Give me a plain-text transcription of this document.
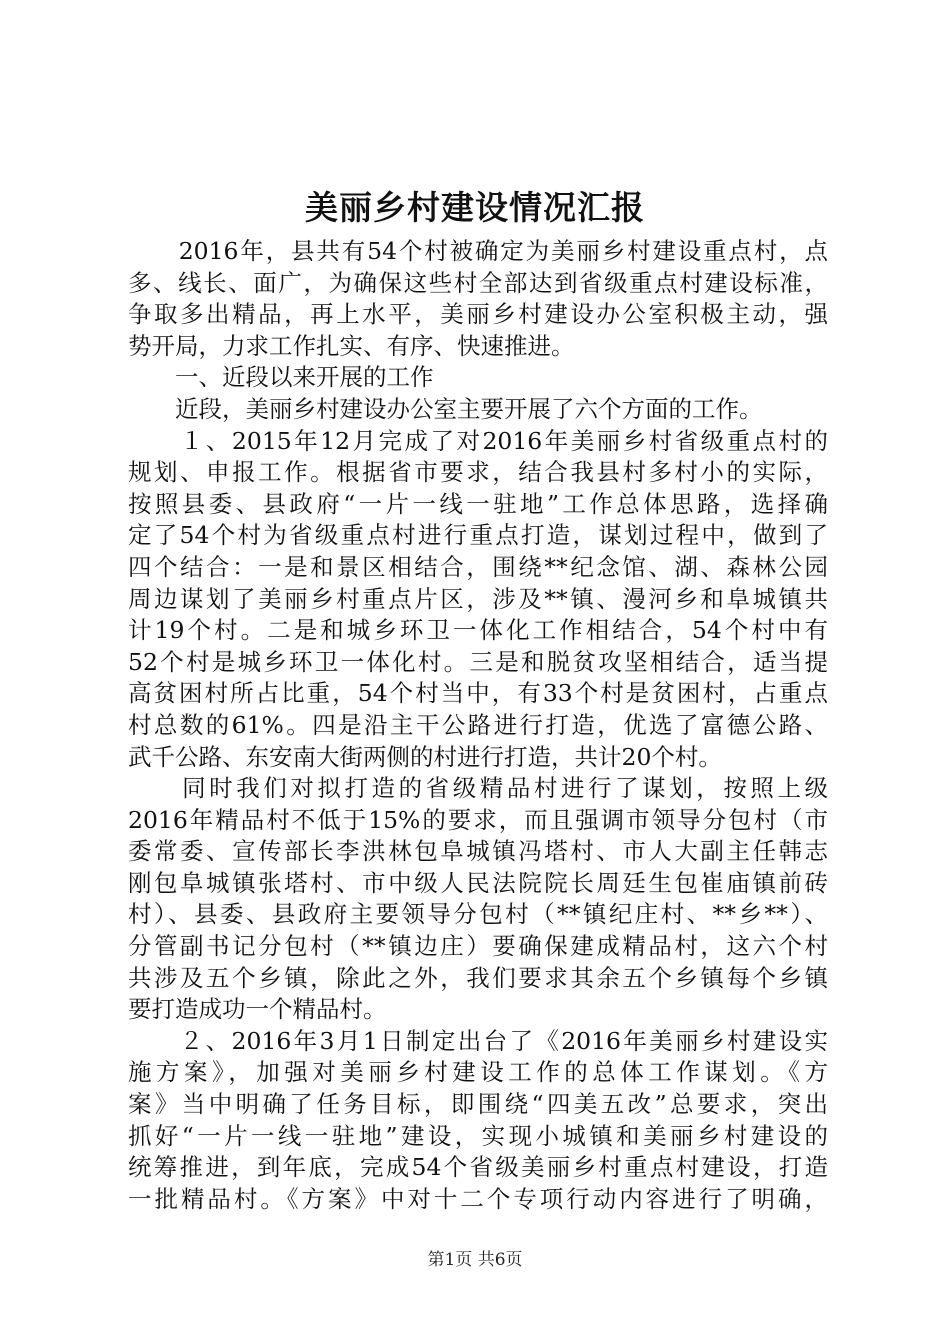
美丽乡村建设情况汇报
　　2016年，县共有54个村被确定为美丽乡村建设重点村，点
多、线长、面广，为确保这些村全部达到省级重点村建设标准，
争取多出精品，再上水平，美丽乡村建设办公室积极主动，强
势开局，力求工作扎实、有序、快速推进。
　　一、近段以来开展的工作
　　近段，美丽乡村建设办公室主要开展了六个方面的工作。
　　１、2015年12月完成了对2016年美丽乡村省级重点村的
规划、申报工作。根据省市要求，结合我县村多村小的实际，
按照县委、县政府“一片一线一驻地”工作总体思路，选择确
定了54个村为省级重点村进行重点打造，谋划过程中，做到了
四个结合：一是和景区相结合，围绕**纪念馆、湖、森林公园
周边谋划了美丽乡村重点片区，涉及**镇、漫河乡和阜城镇共
计19个村。二是和城乡环卫一体化工作相结合，54个村中有
52个村是城乡环卫一体化村。三是和脱贫攻坚相结合，适当提
高贫困村所占比重，54个村当中，有33个村是贫困村，占重点
村总数的61%。四是沿主干公路进行打造，优选了富德公路、
武千公路、东安南大街两侧的村进行打造，共计20个村。
　　同时我们对拟打造的省级精品村进行了谋划，按照上级
2016年精品村不低于15%的要求，而且强调市领导分包村（市
委常委、宣传部长李洪林包阜城镇冯塔村、市人大副主任韩志
刚包阜城镇张塔村、市中级人民法院院长周廷生包崔庙镇前砖
村）、县委、县政府主要领导分包村（**镇纪庄村、**乡**）、
分管副书记分包村（**镇边庄）要确保建成精品村，这六个村
共涉及五个乡镇，除此之外，我们要求其余五个乡镇每个乡镇
要打造成功一个精品村。
　　２、2016年3月1日制定出台了《2016年美丽乡村建设实
施方案》，加强对美丽乡村建设工作的总体工作谋划。《方
案》当中明确了任务目标，即围绕“四美五改”总要求，突出
抓好“一片一线一驻地”建设，实现小城镇和美丽乡村建设的
统筹推进，到年底，完成54个省级美丽乡村重点村建设，打造
一批精品村。《方案》中对十二个专项行动内容进行了明确，
第1页 共6页
